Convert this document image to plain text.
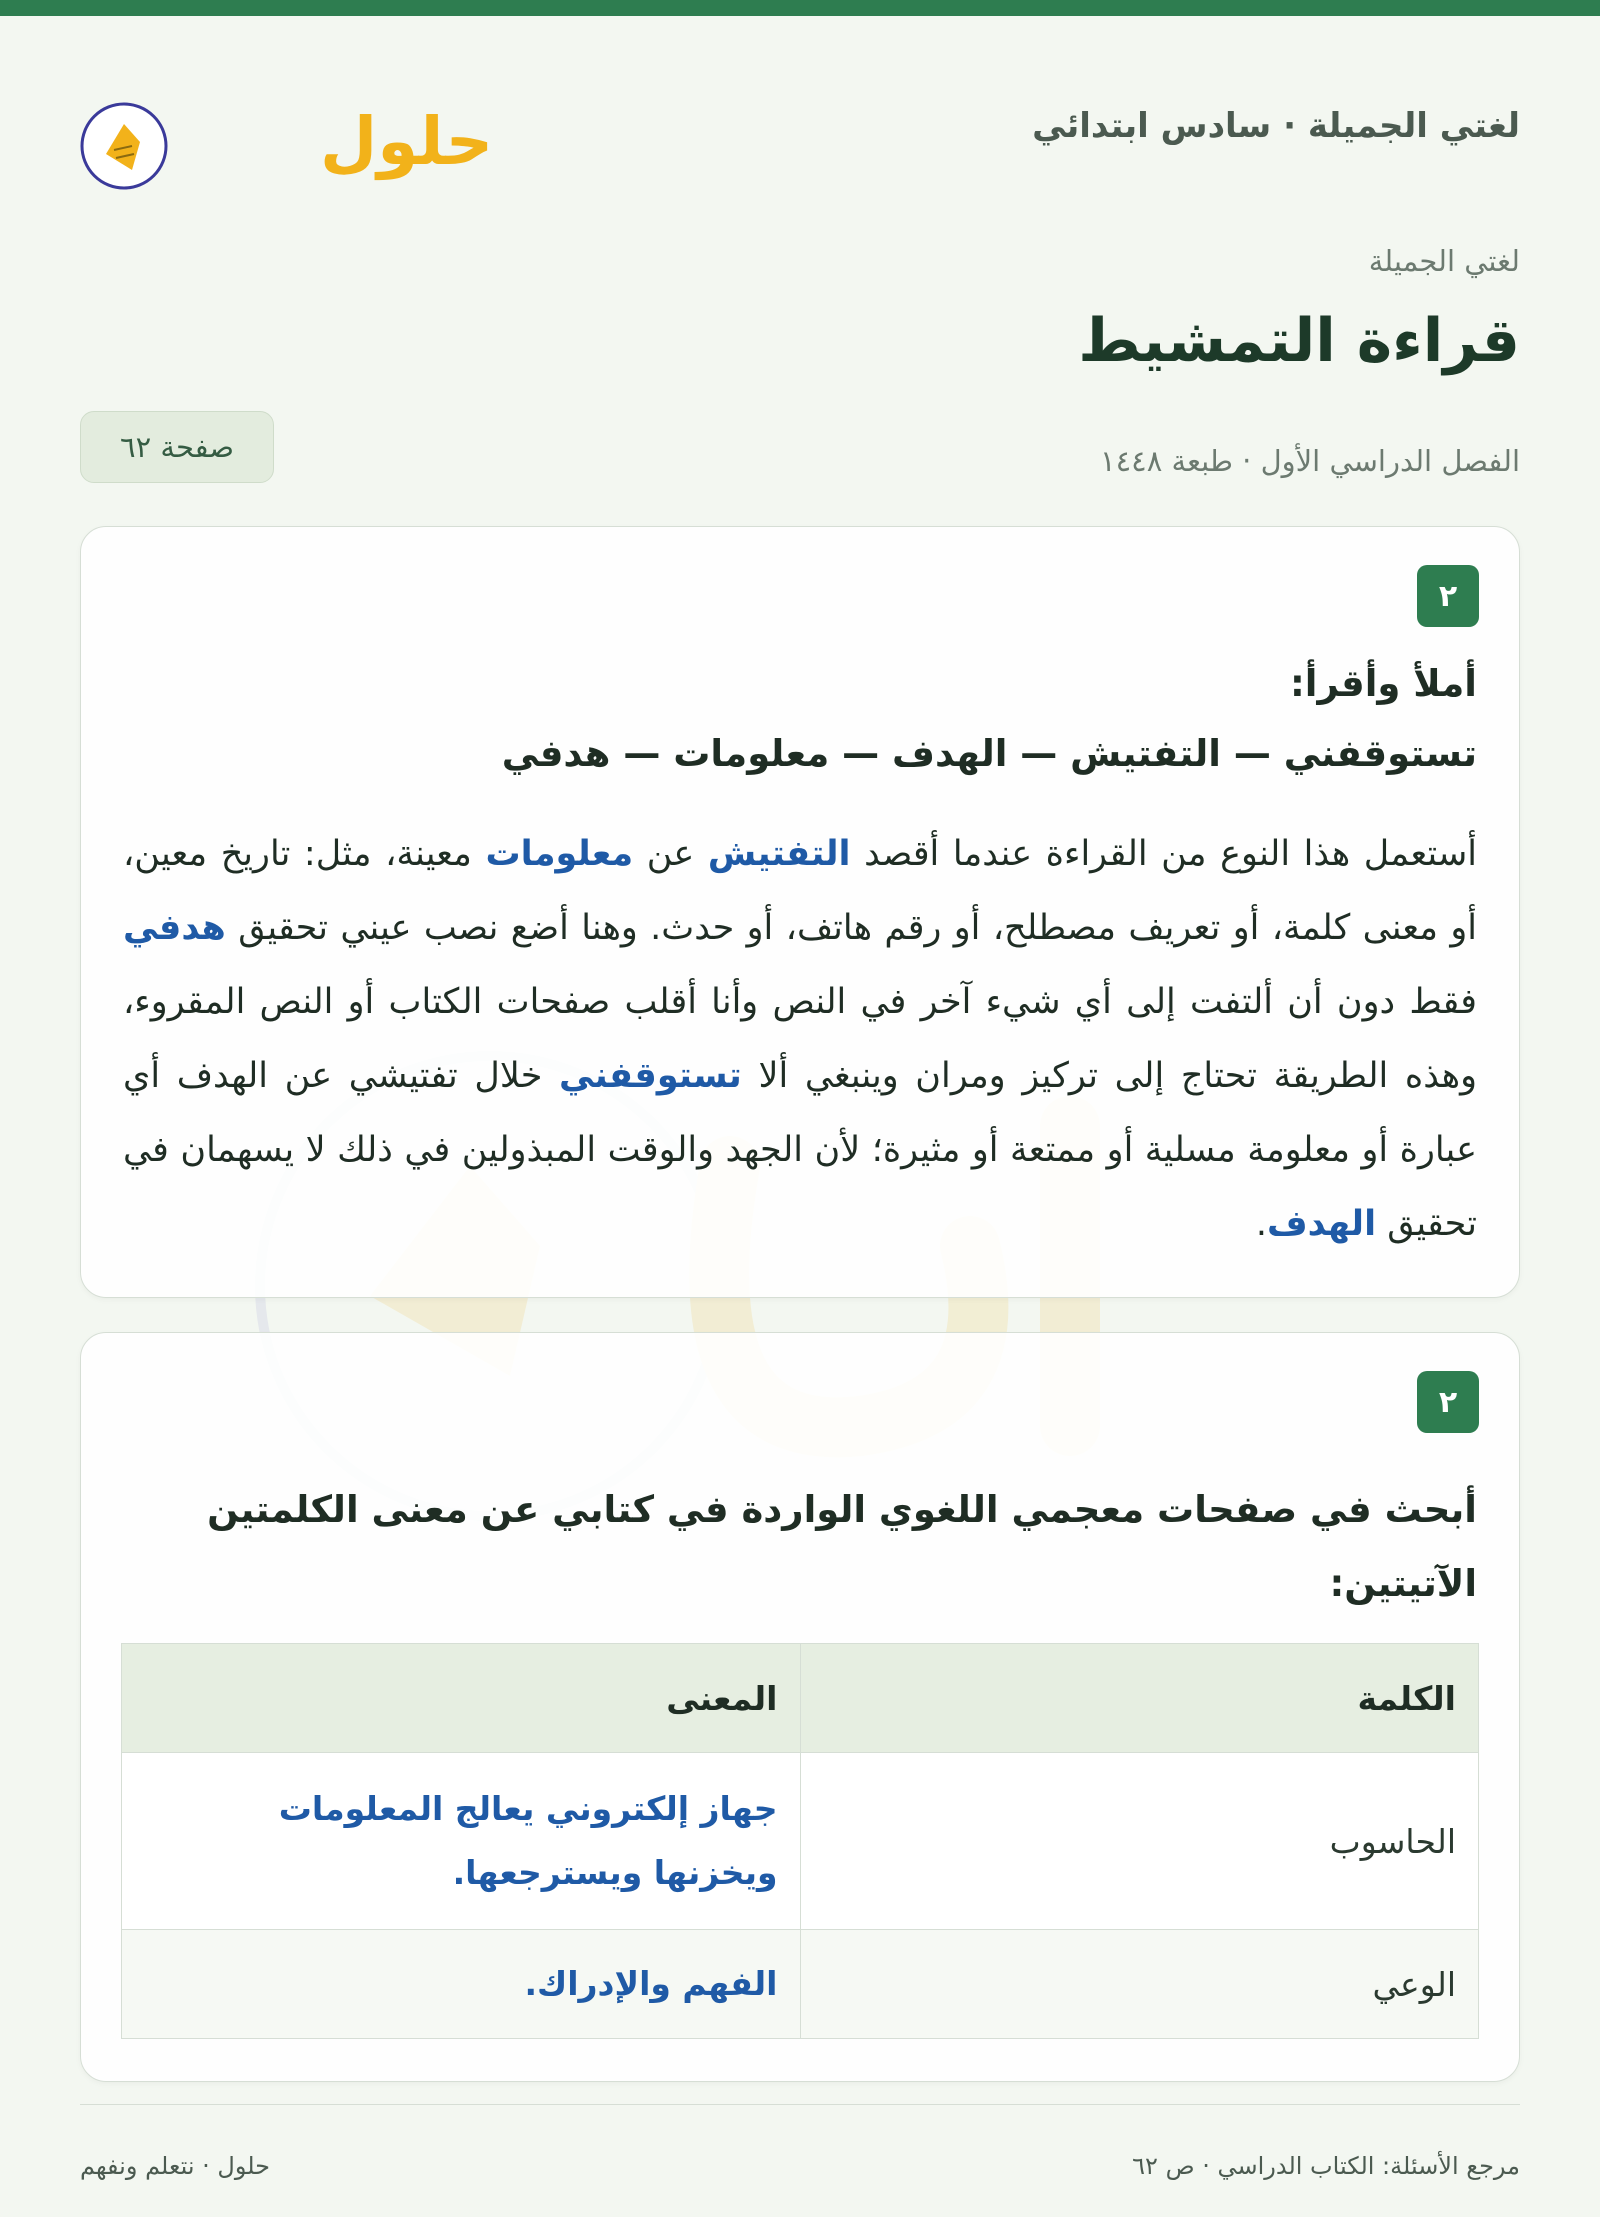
لغتي الجميلة · سادس ابتدائي
حلول
لغتي الجميلة
قراءة التمشيط
الفصل الدراسي الأول · طبعة ١٤٤٨
صفحة ٦٢
٢
أملأ وأقرأ:
تستوقفني — التفتيش — الهدف — معلومات — هدفي
أستعمل هذا النوع من القراءة عندما أقصد التفتيش عن معلومات معينة، مثل: تاريخ معين، أو معنى كلمة، أو تعريف مصطلح، أو رقم هاتف، أو حدث. وهنا أضع نصب عيني تحقيق هدفي فقط دون أن ألتفت إلى أي شيء آخر في النص وأنا أقلب صفحات الكتاب أو النص المقروء، وهذه الطريقة تحتاج إلى تركيز ومران وينبغي ألا تستوقفني خلال تفتيشي عن الهدف أي عبارة أو معلومة مسلية أو ممتعة أو مثيرة؛ لأن الجهد والوقت المبذولين في ذلك لا يسهمان في تحقيق الهدف.
٢
أبحث في صفحات معجمي اللغوي الواردة في كتابي عن معنى الكلمتين الآتيتين:
الكلمة	المعنى
الحاسوب	جهاز إلكتروني يعالج المعلومات ويخزنها ويسترجعها.
الوعي	الفهم والإدراك.
مرجع الأسئلة: الكتاب الدراسي · ص ٦٢
حلول · نتعلم ونفهم
